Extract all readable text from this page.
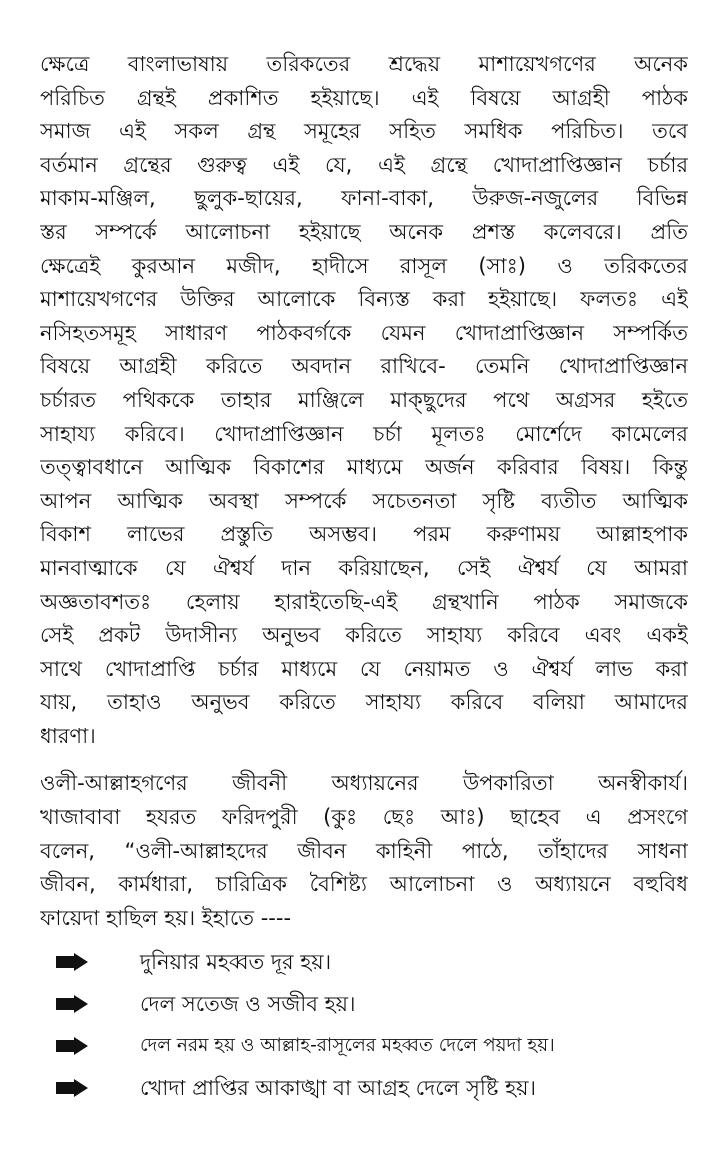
ক্ষেত্রে বাংলাভাষায় তরিকতের শ্রদ্ধেয় মাশায়েখগণের অনেক
পরিচিত গ্রন্থই প্রকাশিত হইয়াছে। এই বিষয়ে আগ্রহী পাঠক
সমাজ এই সকল গ্রন্থ সমূহের সহিত সমধিক পরিচিত। তবে
বর্তমান গ্রন্থের গুরুত্ব এই যে, এই গ্রন্থে খোদাপ্রাপ্তিজ্ঞান চর্চার
মাকাম-মঞ্জিল, ছুলুক-ছায়ের, ফানা-বাকা, উরুজ-নজুলের বিভিন্ন
স্তর সম্পর্কে আলোচনা হইয়াছে অনেক প্রশস্ত কলেবরে। প্রতি
ক্ষেত্রেই কুরআন মজীদ, হাদীসে রাসূল (সাঃ) ও তরিকতের
মাশায়েখগণের উক্তির আলোকে বিন্যস্ত করা হইয়াছে। ফলতঃ এই
নসিহতসমূহ সাধারণ পাঠকবর্গকে যেমন খোদাপ্রাপ্তিজ্ঞান সম্পর্কিত
বিষয়ে আগ্রহী করিতে অবদান রাখিবে- তেমনি খোদাপ্রাপ্তিজ্ঞান
চর্চারত পথিককে তাহার মাঞ্জিলে মাক্ছুদের পথে অগ্রসর হইতে
সাহায্য করিবে। খোদাপ্রাপ্তিজ্ঞান চর্চা মূলতঃ মোর্শেদে কামেলের
তত্ত্বাবধানে আত্মিক বিকাশের মাধ্যমে অর্জন করিবার বিষয়। কিন্তু
আপন আত্মিক অবস্থা সম্পর্কে সচেতনতা সৃষ্টি ব্যতীত আত্মিক
বিকাশ লাভের প্রস্তুতি অসম্ভব। পরম করুণাময় আল্লাহপাক
মানবাত্মাকে যে ঐশ্বর্য দান করিয়াছেন, সেই ঐশ্বর্য যে আমরা
অজ্ঞতাবশতঃ হেলায় হারাইতেছি-এই গ্রন্থখানি পাঠক সমাজকে
সেই প্রকট উদাসীন্য অনুভব করিতে সাহায্য করিবে এবং একই
সাথে খোদাপ্রাপ্তি চর্চার মাধ্যমে যে নেয়ামত ও ঐশ্বর্য লাভ করা
যায়, তাহাও অনুভব করিতে সাহায্য করিবে বলিয়া আমাদের
ধারণা।
ওলী-আল্লাহগণের জীবনী অধ্যায়নের উপকারিতা অনস্বীকার্য।
খাজাবাবা হযরত ফরিদপুরী (কুঃ ছেঃ আঃ) ছাহেব এ প্রসংগে
বলেন, “ওলী-আল্লাহদের জীবন কাহিনী পাঠে, তাঁহাদের সাধনা
জীবন, কার্মধারা, চারিত্রিক বৈশিষ্ট্য আলোচনা ও অধ্যায়নে বহুবিধ
ফায়েদা হাছিল হয়। ইহাতে ----
দুনিয়ার মহব্বত দূর হয়।
দেল সতেজ ও সজীব হয়।
দেল নরম হয় ও আল্লাহ-রাসূলের মহব্বত দেলে পয়দা হয়।
খোদা প্রাপ্তির আকাঙ্খা বা আগ্রহ দেলে সৃষ্টি হয়।
